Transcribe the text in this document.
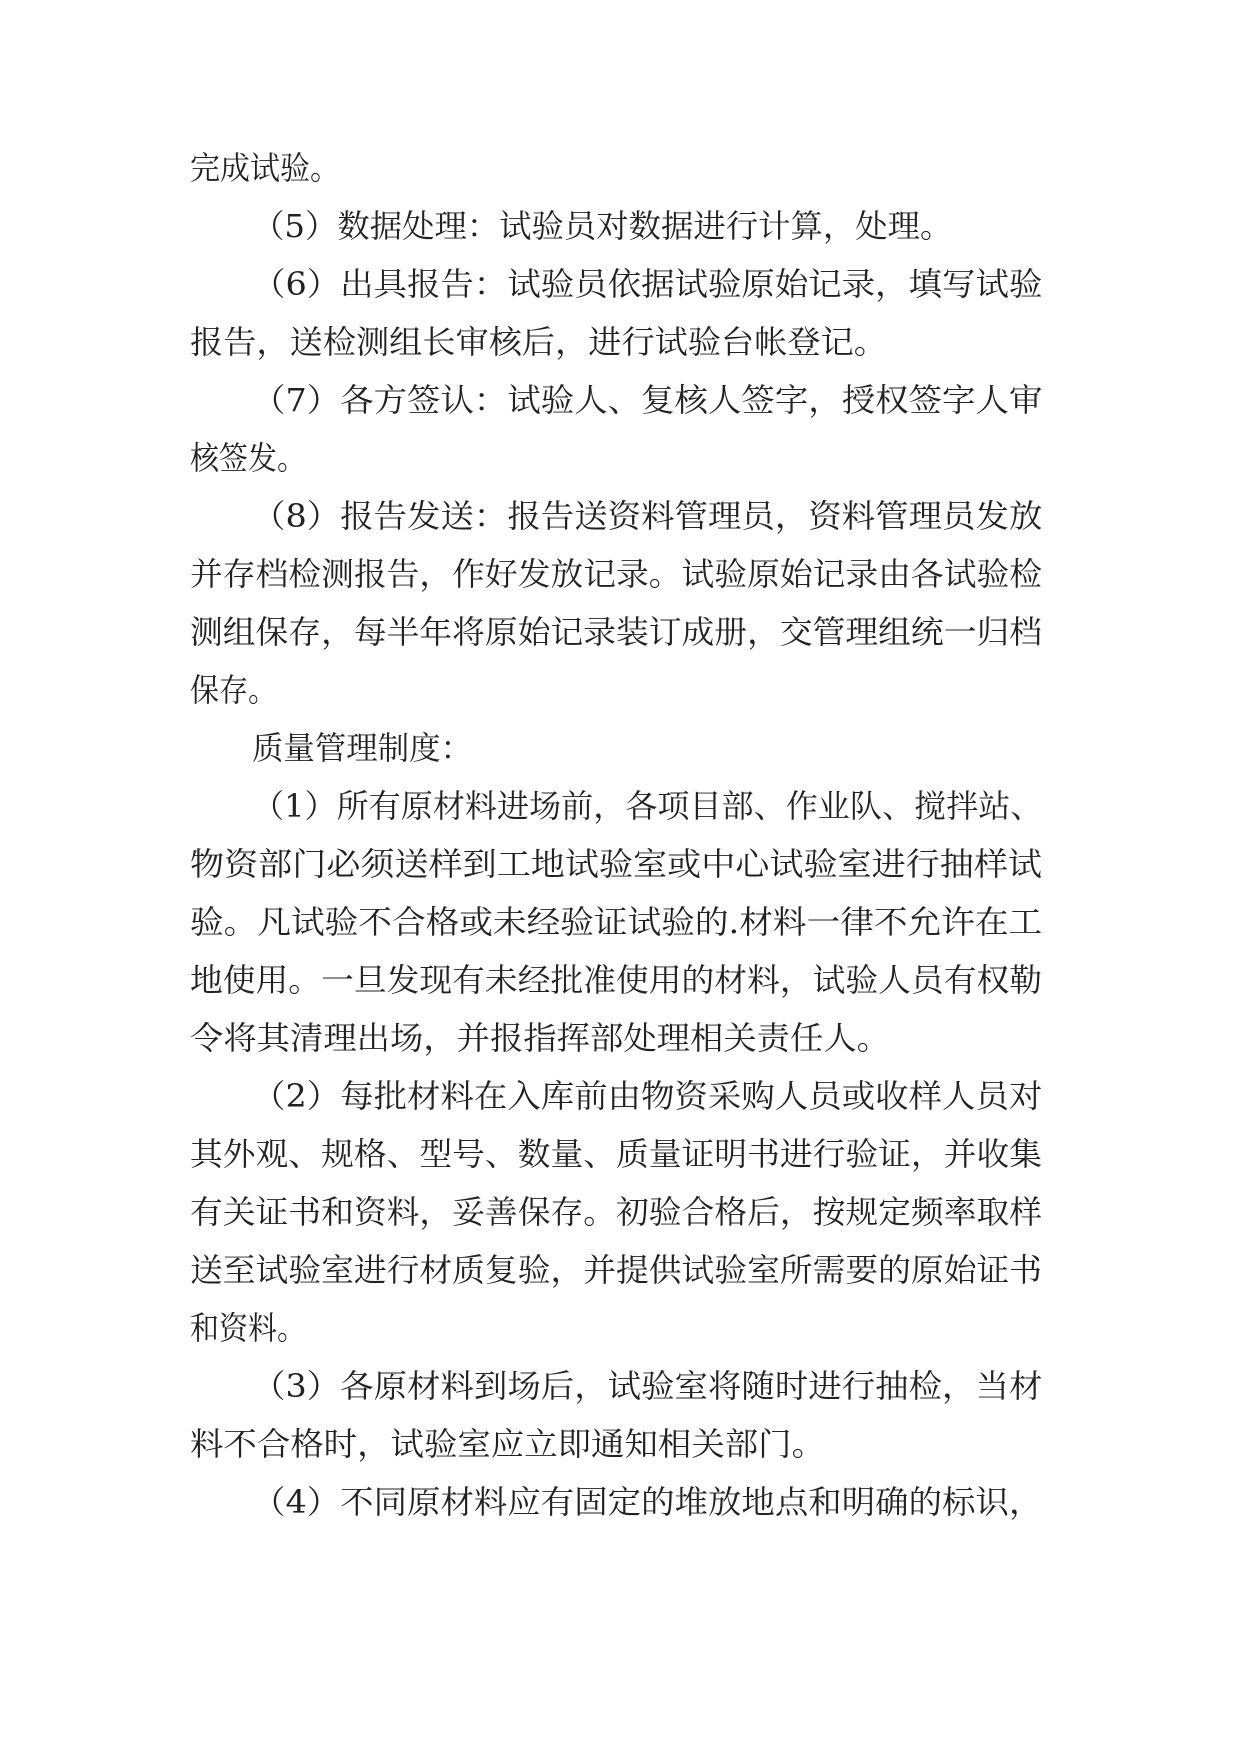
完成试验。
（5）数据处理：试验员对数据进行计算，处理。
（6）出具报告：试验员依据试验原始记录，填写试验
报告，送检测组长审核后，进行试验台帐登记。
（7）各方签认：试验人、复核人签字，授权签字人审
核签发。
（8）报告发送：报告送资料管理员，资料管理员发放
并存档检测报告，作好发放记录。试验原始记录由各试验检
测组保存，每半年将原始记录装订成册，交管理组统一归档
保存。
质量管理制度：
（1）所有原材料进场前，各项目部、作业队、搅拌站、
物资部门必须送样到工地试验室或中心试验室进行抽样试
验。凡试验不合格或未经验证试验的.材料一律不允许在工
地使用。一旦发现有未经批准使用的材料，试验人员有权勒
令将其清理出场，并报指挥部处理相关责任人。
（2）每批材料在入库前由物资采购人员或收样人员对
其外观、规格、型号、数量、质量证明书进行验证，并收集
有关证书和资料，妥善保存。初验合格后，按规定频率取样
送至试验室进行材质复验，并提供试验室所需要的原始证书
和资料。
（3）各原材料到场后，试验室将随时进行抽检，当材
料不合格时，试验室应立即通知相关部门。
（4）不同原材料应有固定的堆放地点和明确的标识，
